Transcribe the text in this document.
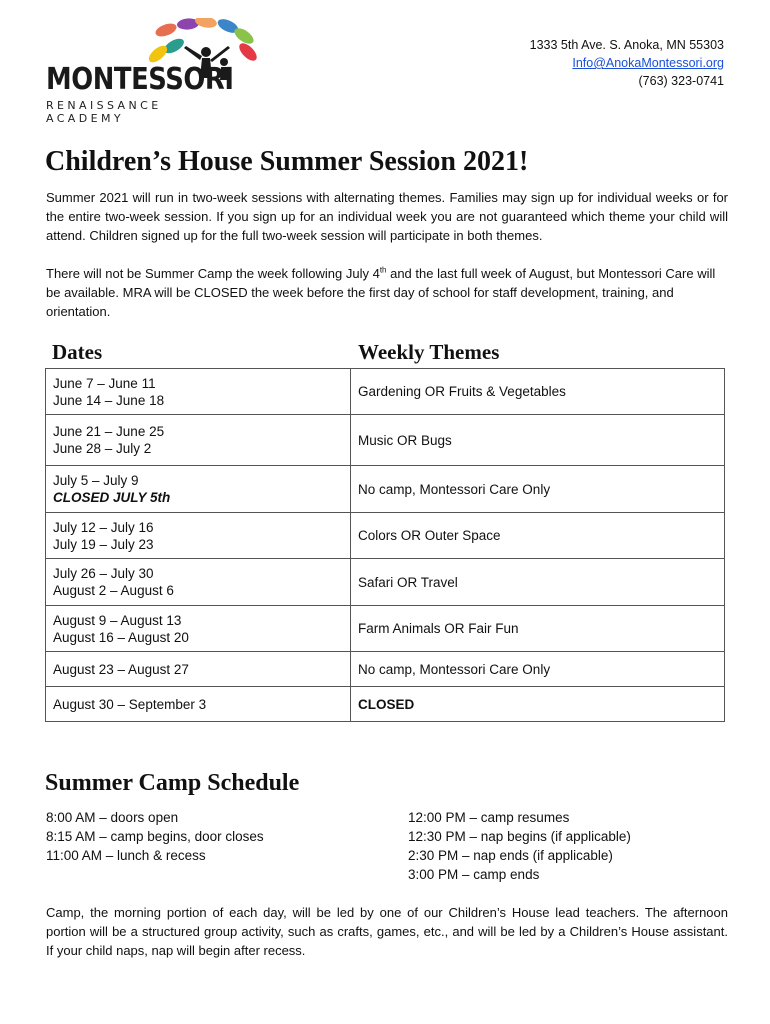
MONTESSORI
RENAISSANCE ACADEMY
1333 5th Ave. S. Anoka, MN 55303
Info@AnokaMontessori.org
(763) 323-0741
Children’s House Summer Session 2021!

Summer 2021 will run in two-week sessions with alternating themes. Families may sign up for individual weeks or for the entire two-week session. If you sign up for an individual week you are not guaranteed which theme your child will attend. Children signed up for the full two-week session will participate in both themes.

There will not be Summer Camp the week following July 4th and the last full week of August, but Montessori Care will be available. MRA will be CLOSED the week before the first day of school for staff development, training, and orientation.

Dates	Weekly Themes
June 7 – June 11
June 14 – June 18	Gardening OR Fruits & Vegetables

June 21 – June 25
June 28 – July 2	Music OR Bugs

July 5 – July 9
CLOSED JULY 5th	No camp, Montessori Care Only

July 12 – July 16
July 19 – July 23	Colors OR Outer Space

July 26 – July 30
August 2 – August 6	Safari OR Travel

August 9 – August 13
August 16 – August 20	Farm Animals OR Fair Fun

August 23 – August 27	No camp, Montessori Care Only

August 30 – September 3	CLOSED
Summer Camp Schedule
8:00 AM – doors open
8:15 AM – camp begins, door closes
11:00 AM – lunch & recess
12:00 PM – camp resumes
12:30 PM – nap begins (if applicable)
2:30 PM – nap ends (if applicable)
3:00 PM – camp ends

Camp, the morning portion of each day, will be led by one of our Children’s House lead teachers. The afternoon portion will be a structured group activity, such as crafts, games, etc., and will be led by a Children’s House assistant. If your child naps, nap will begin after recess.
